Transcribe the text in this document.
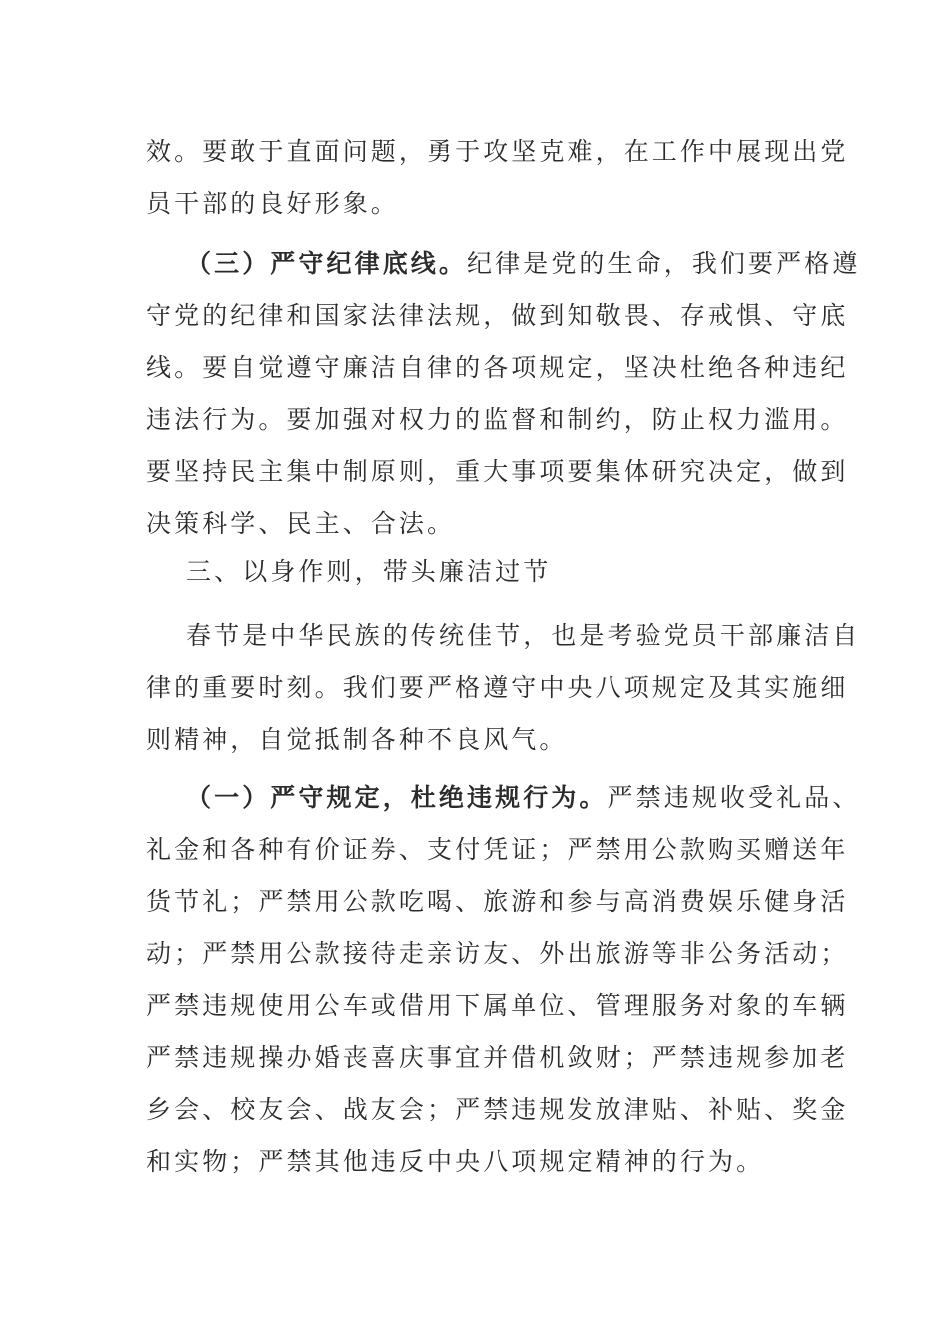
效。要敢于直面问题，勇于攻坚克难，在工作中展现出党
员干部的良好形象。
（三）严守纪律底线。纪律是党的生命，我们要严格遵
守党的纪律和国家法律法规，做到知敬畏、存戒惧、守底
线。要自觉遵守廉洁自律的各项规定，坚决杜绝各种违纪
违法行为。要加强对权力的监督和制约，防止权力滥用。
要坚持民主集中制原则，重大事项要集体研究决定，做到
决策科学、民主、合法。
三、以身作则，带头廉洁过节
春节是中华民族的传统佳节，也是考验党员干部廉洁自
律的重要时刻。我们要严格遵守中央八项规定及其实施细
则精神，自觉抵制各种不良风气。
（一）严守规定，杜绝违规行为。严禁违规收受礼品、
礼金和各种有价证券、支付凭证；严禁用公款购买赠送年
货节礼；严禁用公款吃喝、旅游和参与高消费娱乐健身活
动；严禁用公款接待走亲访友、外出旅游等非公务活动；
严禁违规使用公车或借用下属单位、管理服务对象的车辆
严禁违规操办婚丧喜庆事宜并借机敛财；严禁违规参加老
乡会、校友会、战友会；严禁违规发放津贴、补贴、奖金
和实物；严禁其他违反中央八项规定精神的行为。
